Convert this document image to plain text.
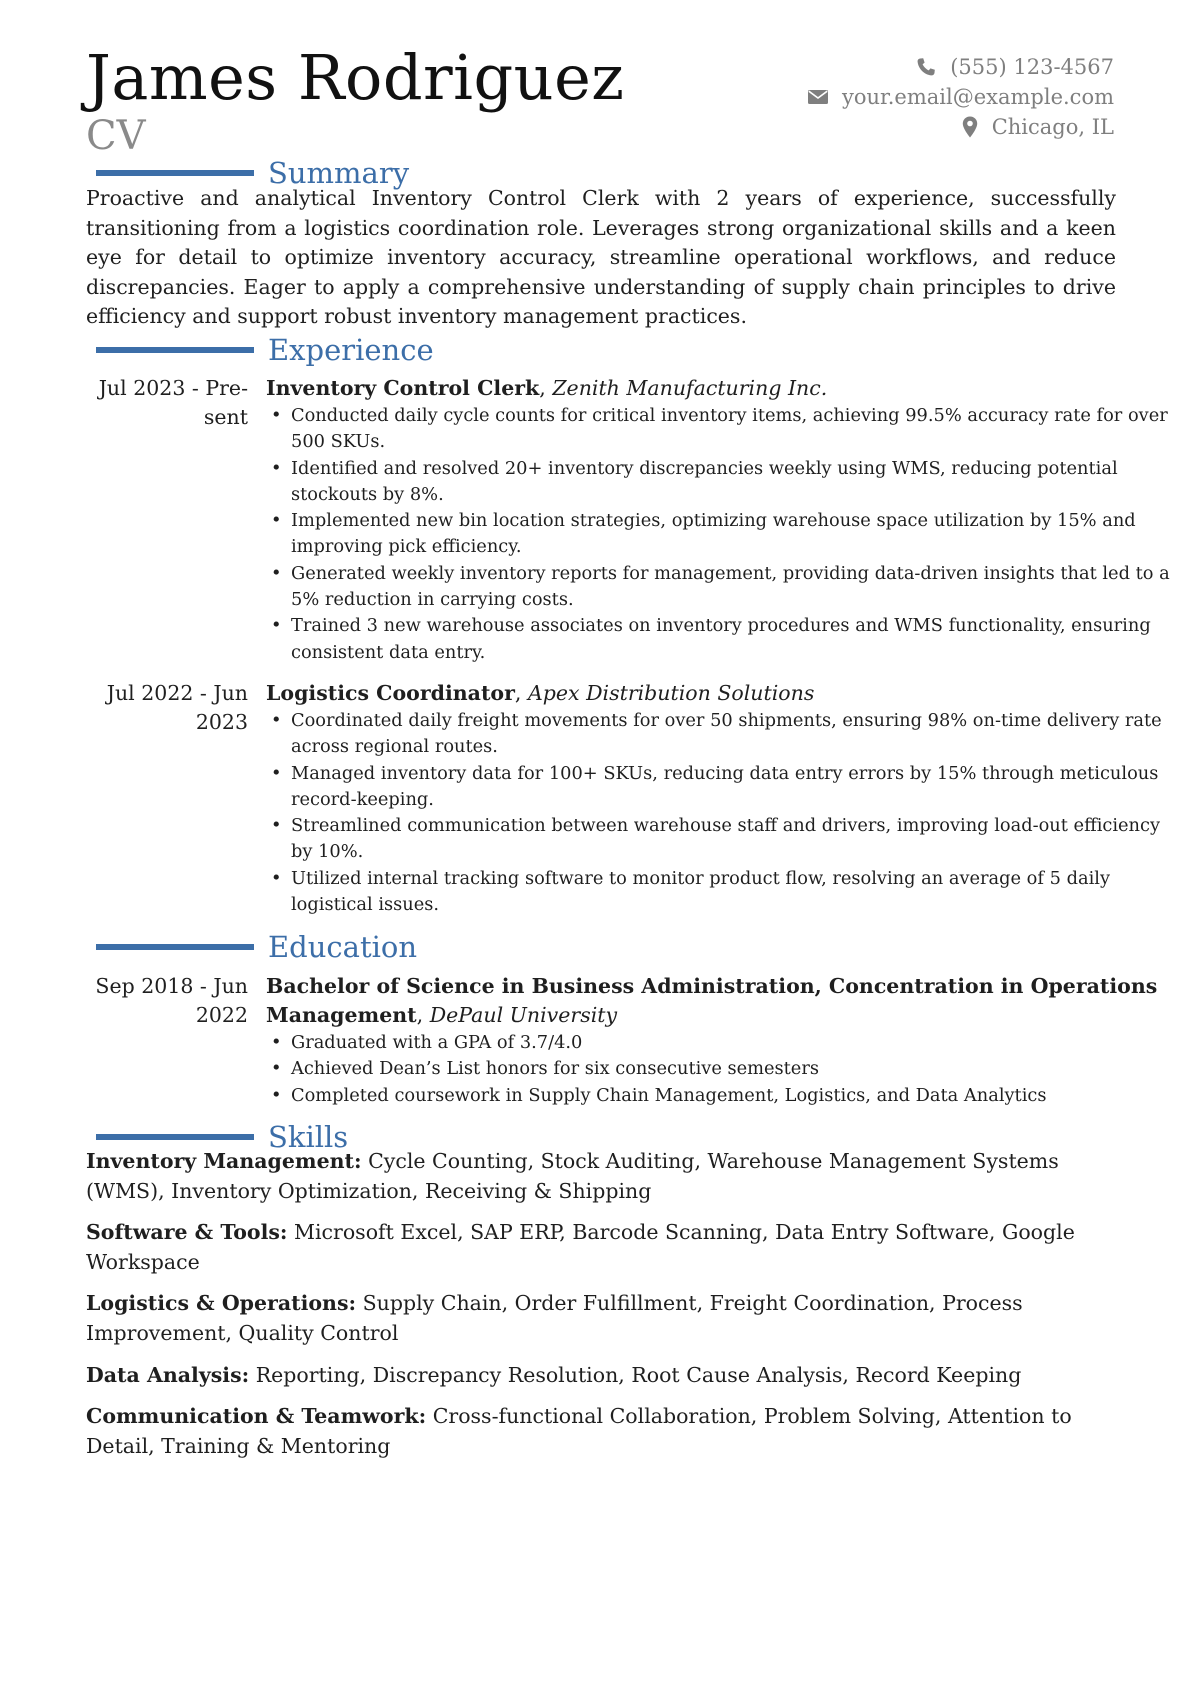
James Rodriguez
CV
(555) 123-4567
your.email@example.com
Chicago, IL
Summary

Proactive and analytical Inventory Control Clerk with 2 years of experience, successfully transitioning from a logistics coordination role. Leverages strong organizational skills and a keen eye for detail to optimize inventory accuracy, streamline operational workflows, and reduce discrepancies. Eager to apply a comprehensive understanding of supply chain principles to drive efficiency and support robust inventory management practices.

Experience
Jul 2023 - Pre-
sent

Inventory Control Clerk, Zenith Manufacturing Inc.

• Conducted daily cycle counts for critical inventory items, achieving 99.5% accuracy rate for over 500 SKUs.
• Identified and resolved 20+ inventory discrepancies weekly using WMS, reducing potential stockouts by 8%.
• Implemented new bin location strategies, optimizing warehouse space utilization by 15% and improving pick efficiency.
• Generated weekly inventory reports for management, providing data-driven insights that led to a 5% reduction in carrying costs.
• Trained 3 new warehouse associates on inventory procedures and WMS functionality, ensuring consistent data entry.
Jul 2022 - Jun
2023

Logistics Coordinator, Apex Distribution Solutions

• Coordinated daily freight movements for over 50 shipments, ensuring 98% on-time delivery rate across regional routes.
• Managed inventory data for 100+ SKUs, reducing data entry errors by 15% through meticulous record-keeping.
• Streamlined communication between warehouse staff and drivers, improving load-out efficiency by 10%.
• Utilized internal tracking software to monitor product flow, resolving an average of 5 daily logistical issues.
Education
Sep 2018 - Jun
2022

Bachelor of Science in Business Administration, Concentration in Operations Management, DePaul University

• Graduated with a GPA of 3.7/4.0
• Achieved Dean’s List honors for six consecutive semesters
• Completed coursework in Supply Chain Management, Logistics, and Data Analytics
Skills

Inventory Management: Cycle Counting, Stock Auditing, Warehouse Management Systems (WMS), Inventory Optimization, Receiving & Shipping

Software & Tools: Microsoft Excel, SAP ERP, Barcode Scanning, Data Entry Software, Google Workspace

Logistics & Operations: Supply Chain, Order Fulfillment, Freight Coordination, Process Improvement, Quality Control

Data Analysis: Reporting, Discrepancy Resolution, Root Cause Analysis, Record Keeping

Communication & Teamwork: Cross-functional Collaboration, Problem Solving, Attention to Detail, Training & Mentoring
